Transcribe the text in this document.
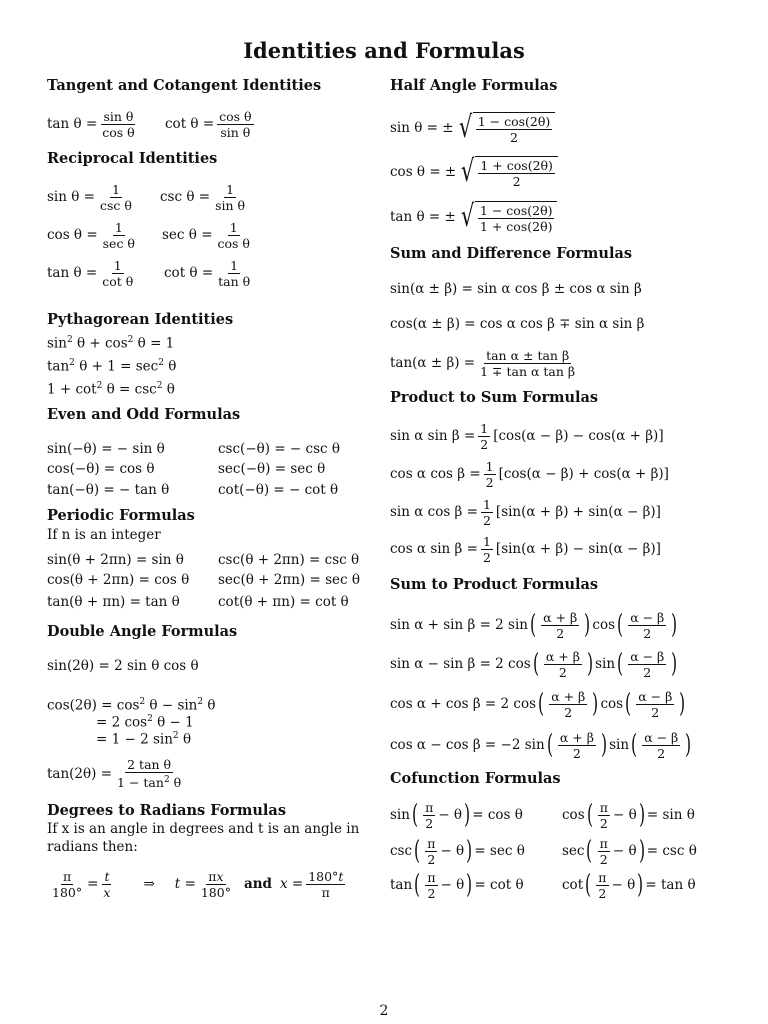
Identities and Formulas
Tangent and Cotangent Identities
$\tan \theta = \frac{\text{sin θ}}{\text{cos θ}}$ $\cot \theta = \frac{\text{cos θ}}{\text{sin θ}}$
Reciprocal Identities
$\sin \theta = \frac{1}{\text{csc θ}}$ $\csc \theta = \frac{1}{\text{sin θ}}$
$\cos \theta = \frac{1}{\text{sec θ}}$ $\sec \theta = \frac{1}{\text{cos θ}}$
$\tan \theta = \frac{1}{\text{cot θ}}$ $\cot \theta = \frac{1}{\text{tan θ}}$
Pythagorean Identities
$\sin^2 \theta + \cos^2 \theta = 1$
$\tan^2 \theta + 1 = \sec^2 \theta$
$1 + \cot^2 \theta = \csc^2 \theta$
Even and Odd Formulas
sin(−θ) = − sin θ
cos(−θ) = cos θ
tan(−θ) = − tan θ
csc(−θ) = − csc θ
sec(−θ) = sec θ
cot(−θ) = − cot θ
Periodic Formulas
If n is an integer
sin(θ + 2πn) = sin θ
cos(θ + 2πn) = cos θ
tan(θ + πn) = tan θ
csc(θ + 2πn) = csc θ
sec(θ + 2πn) = sec θ
cot(θ + πn) = cot θ
Double Angle Formulas
sin(2θ) = 2 sin θ cos θ
$\cos(2\theta) = \cos^2 \theta - \sin^2 \theta$
= 2 $\cos^2 \theta - 1$
= 1 − 2 $\sin^2 \theta$
$\tan(2\theta) = \frac{\text{2 tan θ}}{1 - \tan^2 \theta}$
Degrees to Radians Formulas
If x is an angle in degrees and t is an angle in radians then:
$\frac{\pi}{180^\circ} = \frac{t}{x}$ ⇒ $t = \frac{\pi x}{180^\circ}$ and $x = \frac{180^\circ t}{\pi}$
Half Angle Formulas
sin θ = ± √ $\frac{1 - \cos(2\theta)}{2}$
cos θ = ± √ $\frac{1 + \cos(2\theta)}{2}$
tan θ = ± √ $\frac{1 - \cos(2\theta)}{1 + \cos(2\theta)}$
Sum and Difference Formulas
sin(α ± β) = sin α cos β ± cos α sin β
cos(α ± β) = cos α cos β ∓ sin α sin β
$\tan(\alpha \pm \beta) = \frac{\text{tan α ± tan β}}{\text{1 ∓ tan α tan β}}$
Product to Sum Formulas
sin α $\sin \beta = \frac{1}{2} [\cos(\alpha - \beta) - \cos(\alpha + \beta)]$
cos α $\cos \beta = \frac{1}{2} [\cos(\alpha - \beta) + \cos(\alpha + \beta)]$
sin α $\cos \beta = \frac{1}{2} [\sin(\alpha + \beta) + \sin(\alpha - \beta)]$
cos α $\sin \beta = \frac{1}{2} [\sin(\alpha + \beta) - \sin(\alpha - \beta)]$
Sum to Product Formulas
sin α + sin β = 2 sin ( $\frac{\alpha + \beta}{2}$ ) cos ( $\frac{\alpha - \beta}{2}$ )
sin α − sin β = 2 cos ( $\frac{\alpha + \beta}{2}$ ) sin ( $\frac{\alpha - \beta}{2}$ )
cos α + cos β = 2 cos ( $\frac{\alpha + \beta}{2}$ ) cos ( $\frac{\alpha - \beta}{2}$ )
cos α − cos β = −2 sin ( $\frac{\alpha + \beta}{2}$ ) sin ( $\frac{\alpha - \beta}{2}$ )
Cofunction Formulas
sin ( $\frac{\pi}{2} - \theta$ ) = cos θ
csc ( $\frac{\pi}{2} - \theta$ ) = sec θ
tan ( $\frac{\pi}{2} - \theta$ ) = cot θ
cos ( $\frac{\pi}{2} - \theta$ ) = sin θ
sec ( $\frac{\pi}{2} - \theta$ ) = csc θ
cot ( $\frac{\pi}{2} - \theta$ ) = tan θ
2
